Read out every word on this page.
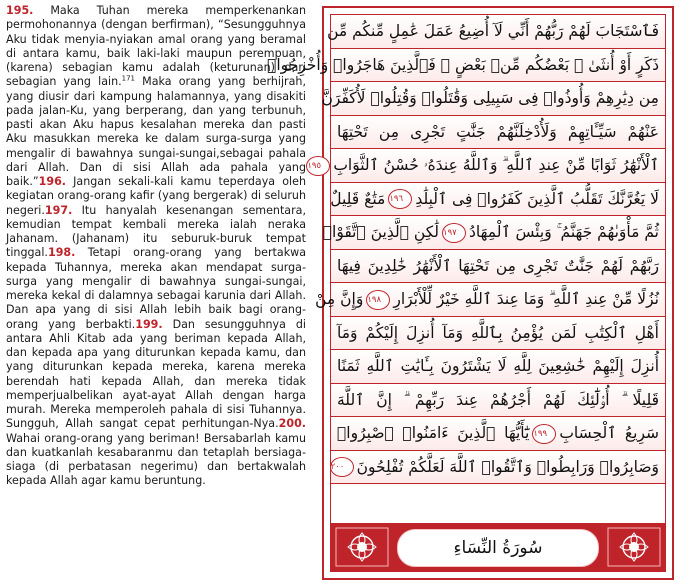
195. Maka Tuhan mereka memperkenankan permohonannya (dengan berfirman), “Sesungguhnya Aku tidak menyia-nyiakan amal orang yang beramal di antara kamu, baik laki-laki maupun perempuan, (karena) sebagian kamu adalah (keturunan) dari sebagian yang lain.$^{171}$ Maka orang yang berhijrah, yang diusir dari kampung halamannya, yang disakiti pada jalan-Ku, yang berperang, dan yang terbunuh, pasti akan Aku hapus kesalahan mereka dan pasti Aku masukkan mereka ke dalam surga-surga yang mengalir di bawahnya sungai-sungai,sebagai pahala dari Allah. Dan di sisi Allah ada pahala yang baik.”196. Jangan sekali-kali kamu teperdaya oleh kegiatan orang-orang kafir (yang bergerak) di seluruh negeri.197. Itu hanyalah kesenangan sementara, kemudian tempat kembali mereka ialah neraka Jahanam. (Jahanam) itu seburuk-buruk tempat tinggal.198. Tetapi orang-orang yang bertakwa kepada Tuhannya, mereka akan mendapat surga-surga yang mengalir di bawahnya sungai-sungai, mereka kekal di dalamnya sebagai karunia dari Allah. Dan apa yang di sisi Allah lebih baik bagi orang-orang yang berbakti.199. Dan sesungguhnya di antara Ahli Kitab ada yang beriman kepada Allah, dan kepada apa yang diturunkan kepada kamu, dan yang diturunkan kepada mereka, karena mereka berendah hati kepada Allah, dan mereka tidak memperjualbelikan ayat-ayat Allah dengan harga murah. Mereka memperoleh pahala di sisi Tuhannya. Sungguh, Allah sangat cepat perhitungan-Nya.200. Wahai orang-orang yang beriman! Bersabarlah kamu dan kuatkanlah kesabaranmu dan tetaplah bersiaga-siaga (di perbatasan negerimu) dan bertakwalah kepada Allah agar kamu beruntung.
وَصَابِرُوا۟ وَرَابِطُوا۟ وَٱتَّقُوا۟ ٱللَّهَ لَعَلَّكُمْ تُفْلِحُونَ٢٠٠
سَرِيعُ ٱلْحِسَابِ١٩٩يَٰٓأَيُّهَا ٱلَّذِينَ ءَامَنُوا۟ ٱصْبِرُوا۟
قَلِيلًا ۗ أُو۟لَٰٓئِكَ لَهُمْ أَجْرُهُمْ عِندَ رَبِّهِمْ ۗ إِنَّ ٱللَّهَ
أُنزِلَ إِلَيْهِمْ خَٰشِعِينَ لِلَّهِ لَا يَشْتَرُونَ بِـَٔايَٰتِ ٱللَّهِ ثَمَنًا
أَهْلِ ٱلْكِتَٰبِ لَمَن يُؤْمِنُ بِٱللَّهِ وَمَآ أُنزِلَ إِلَيْكُمْ وَمَآ
نُزُلًا مِّنْ عِندِ ٱللَّهِ ۗ وَمَا عِندَ ٱللَّهِ خَيْرٌ لِّلْأَبْرَارِ١٩٨وَإِنَّ مِنْ
رَبَّهُمْ لَهُمْ جَنَّٰتٌ تَجْرِى مِن تَحْتِهَا ٱلْأَنْهَٰرُ خَٰلِدِينَ فِيهَا
ثُمَّ مَأْوَىٰهُمْ جَهَنَّمُ ۚ وَبِئْسَ ٱلْمِهَادُ١٩٧لَٰكِنِ ٱلَّذِينَ ٱتَّقَوْا۟
لَا يَغُرَّنَّكَ تَقَلُّبُ ٱلَّذِينَ كَفَرُوا۟ فِى ٱلْبِلَٰدِ١٩٦مَتَٰعٌ قَلِيلٌ
ٱلْأَنْهَٰرُ ثَوَابًا مِّنْ عِندِ ٱللَّهِ ۗ وَٱللَّهُ عِندَهُۥ حُسْنُ ٱلثَّوَابِ١٩٥
عَنْهُمْ سَيِّـَٔاتِهِمْ وَلَأُدْخِلَنَّهُمْ جَنَّٰتٍ تَجْرِى مِن تَحْتِهَا
مِن دِيَٰرِهِمْ وَأُوذُوا۟ فِى سَبِيلِى وَقَٰتَلُوا۟ وَقُتِلُوا۟ لَأُكَفِّرَنَّ
ذَكَرٍ أَوْ أُنثَىٰ ۖ بَعْضُكُم مِّنۢ بَعْضٍ ۖ فَٱلَّذِينَ هَاجَرُوا۟ وَأُخْرِجُوا۟
فَٱسْتَجَابَ لَهُمْ رَبُّهُمْ أَنِّي لَآ أُضِيعُ عَمَلَ عَٰمِلٍ مِّنكُم مِّن
سُورَةُ النِّسَاءِ
